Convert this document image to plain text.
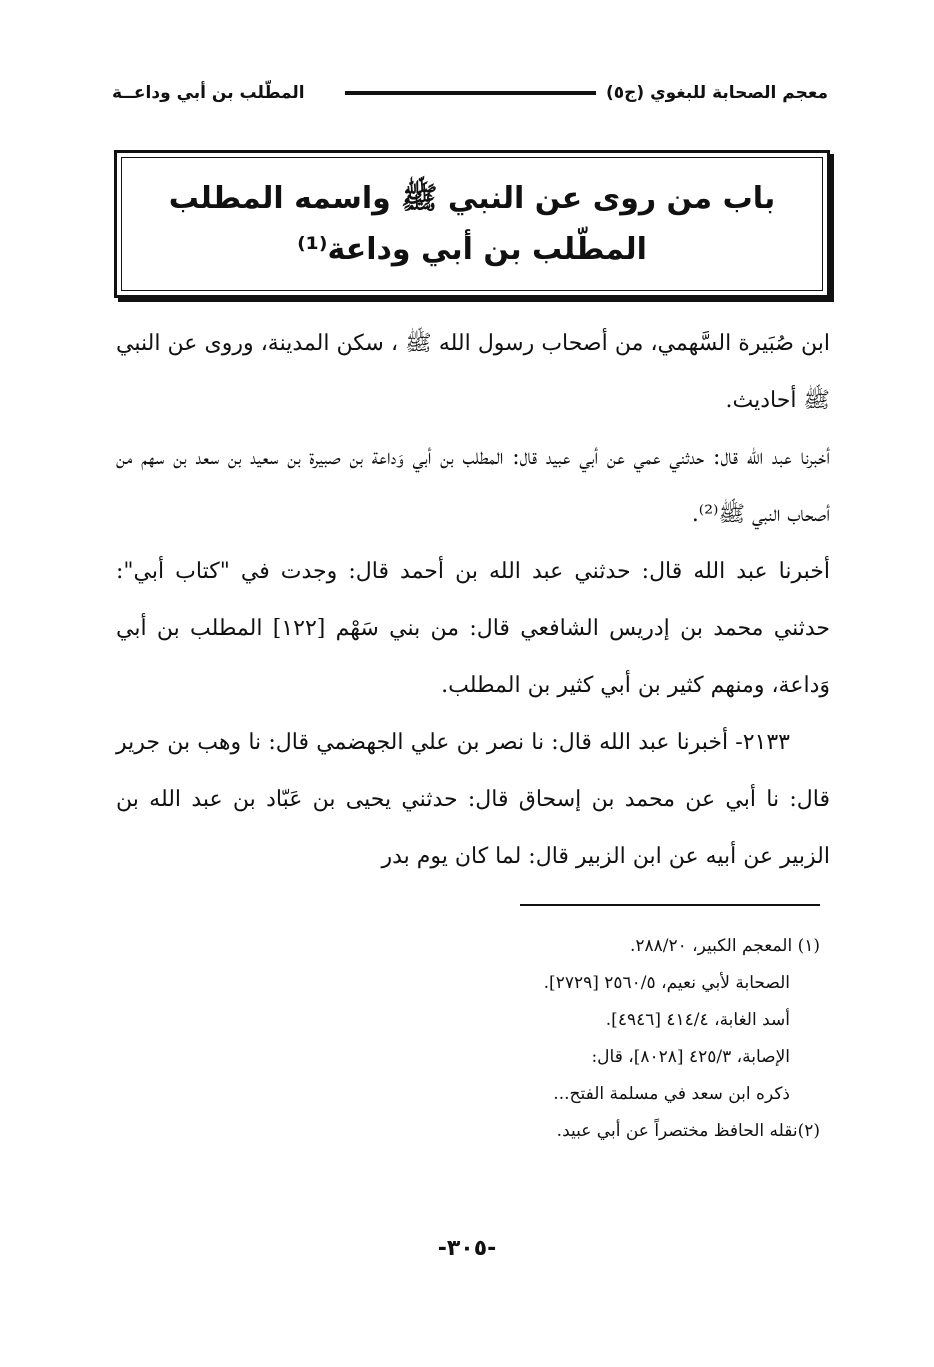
معجم الصحابة للبغوي (ج٥)
المطّلب بن أبي وداعــة
باب من روى عن النبي ﷺ واسمه المطلب
المطّلب بن أبي وداعة⁽¹⁾

ابن صُبَيرة السَّهمي، من أصحاب رسول الله ﷺ ، سكن المدينة، وروى عن النبي ﷺ أحاديث.

أخبرنا عبد الله قال: حدثني عمي عن أبي عبيد قال: المطلب بن أبي وَداعة بن صبيرة بن سعيد بن سعد بن سهم من أصحاب النبي ﷺ⁽²⁾.

أخبرنا عبد الله قال: حدثني عبد الله بن أحمد قال: وجدت في "كتاب أبي": حدثني محمد بن إدريس الشافعي قال: من بني سَهْم [١٢٢] المطلب بن أبي وَداعة، ومنهم كثير بن أبي كثير بن المطلب.

٢١٣٣- أخبرنا عبد الله قال: نا نصر بن علي الجهضمي قال: نا وهب بن جرير قال: نا أبي عن محمد بن إسحاق قال: حدثني يحيى بن عَبّاد بن عبد الله بن الزبير عن أبيه عن ابن الزبير قال: لما كان يوم بدر

(١) المعجم الكبير، ٢٨٨/٢٠.

الصحابة لأبي نعيم، ٢٥٦٠/٥ [٢٧٢٩].

أسد الغابة، ٤١٤/٤ [٤٩٤٦].

الإصابة، ٤٢٥/٣ [٨٠٢٨]، قال:

ذكره ابن سعد في مسلمة الفتح...

(٢)نقله الحافظ مختصراً عن أبي عبيد.

-٣٠٥-
